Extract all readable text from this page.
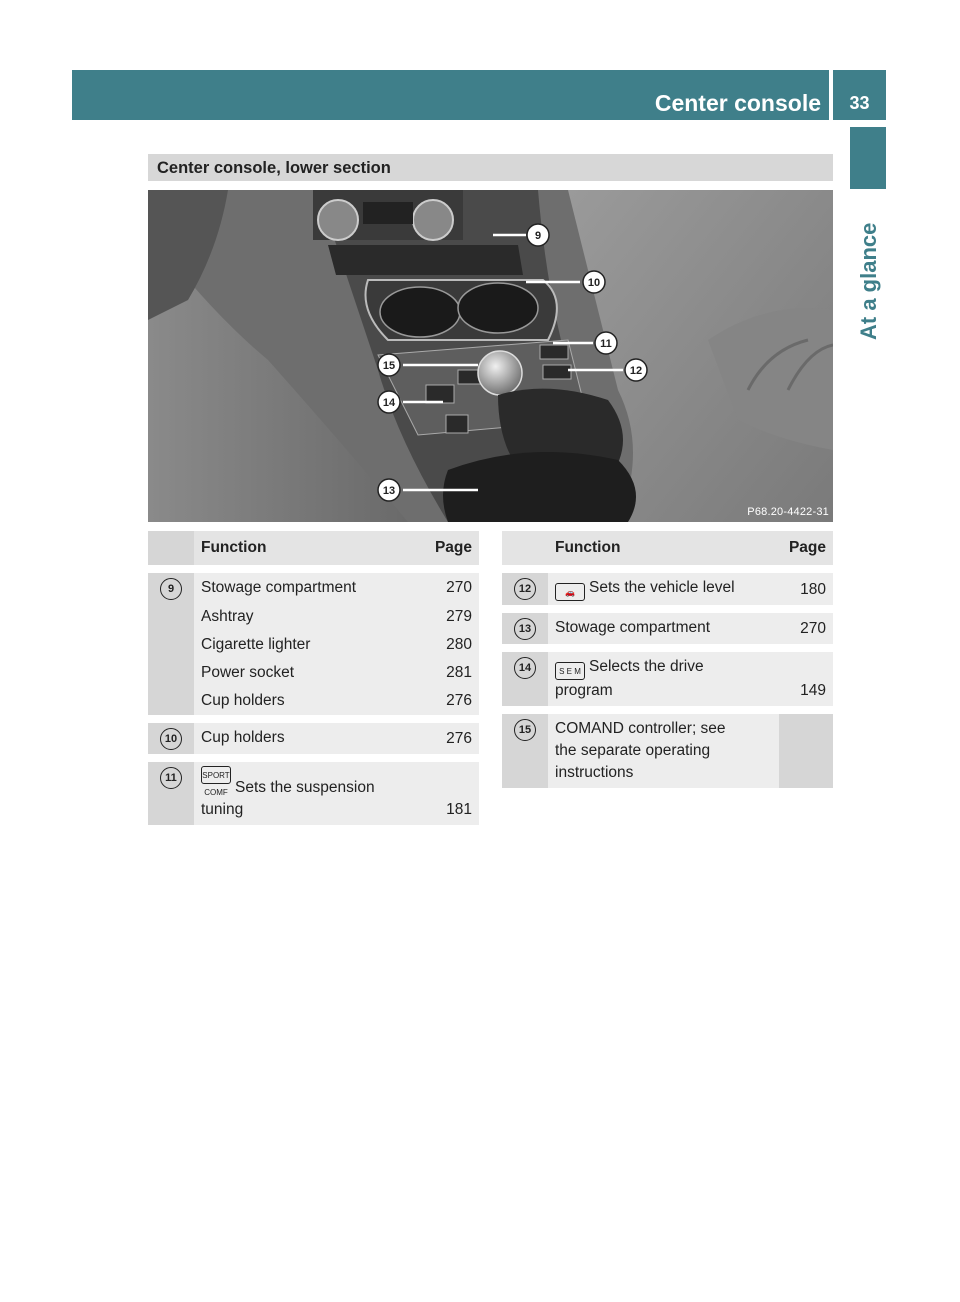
Center console	33
At a glance
Center console, lower section
9
10
11
12
15
14
13
P68.20-4422-31
	Function	Page
9	Stowage compartment	270
	Ashtray	279
	Cigarette lighter	280
	Power socket	281
	Cup holders	276
10	Cup holders	276
11	SPORT COMF Sets the suspension
tuning	181
	Function	Page
12	🚗 Sets the vehicle level	180
13	Stowage compartment	270
14	S E M Selects the drive
program	149
15	COMAND controller; see
the separate operating
instructions	
